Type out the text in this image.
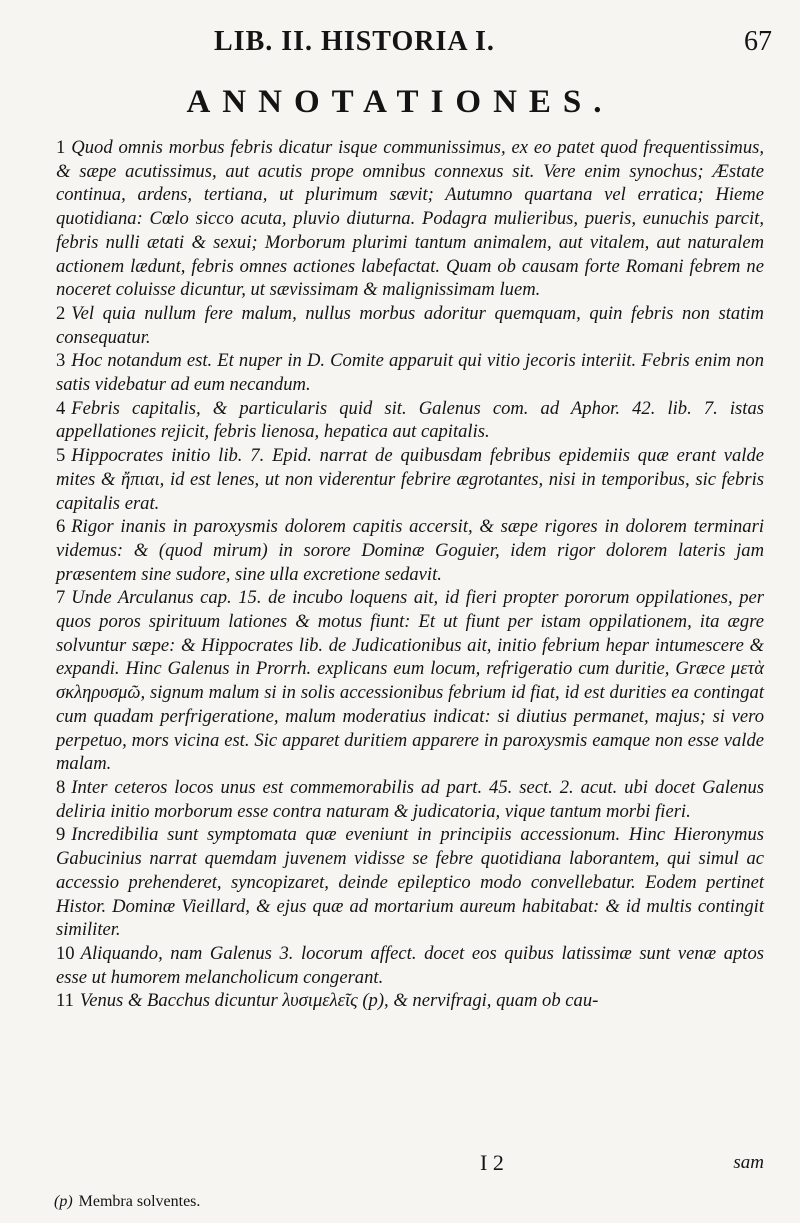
LIB. II. HISTORIA I.	67
ANNOTATIONES.

1 Quod omnis morbus febris dicatur isque communissimus, ex eo patet quod frequentissimus, & sæpe acutissimus, aut acutis prope omnibus connexus sit. Vere enim synochus; Æstate continua, ardens, tertiana, ut plurimum sævit; Autumno quartana vel erratica; Hieme quotidiana: Cœlo sicco acuta, pluvio diuturna. Podagra mulieribus, pueris, eunuchis parcit, febris nulli ætati & sexui; Morborum plurimi tantum animalem, aut vitalem, aut naturalem actionem lædunt, febris omnes actiones labefactat. Quam ob causam forte Romani febrem ne noceret coluisse dicuntur, ut sævissimam & malignissimam luem.

2 Vel quia nullum fere malum, nullus morbus adoritur quemquam, quin febris non statim consequatur.

3 Hoc notandum est. Et nuper in D. Comite apparuit qui vitio jecoris interiit. Febris enim non satis videbatur ad eum necandum.

4 Febris capitalis, & particularis quid sit. Galenus com. ad Aphor. 42. lib. 7. istas appellationes rejicit, febris lienosa, hepatica aut capitalis.

5 Hippocrates initio lib. 7. Epid. narrat de quibusdam febribus epidemiis quæ erant valde mites & ἤπιαι, id est lenes, ut non viderentur febrire ægrotantes, nisi in temporibus, sic febris capitalis erat.

6 Rigor inanis in paroxysmis dolorem capitis accersit, & sæpe rigores in dolorem terminari videmus: & (quod mirum) in sorore Dominæ Goguier, idem rigor dolorem lateris jam præsentem sine sudore, sine ulla excretione sedavit.

7 Unde Arculanus cap. 15. de incubo loquens ait, id fieri propter pororum oppilationes, per quos poros spirituum lationes & motus fiunt: Et ut fiunt per istam oppilationem, ita ægre solvuntur sæpe: & Hippocrates lib. de Judicationibus ait, initio febrium hepar intumescere & expandi. Hinc Galenus in Prorrh. explicans eum locum, refrigeratio cum duritie, Græce μετὰ σκληρυσμῶ, signum malum si in solis accessionibus febrium id fiat, id est durities ea contingat cum quadam perfrigeratione, malum moderatius indicat: si diutius permanet, majus; si vero perpetuo, mors vicina est. Sic apparet duritiem apparere in paroxysmis eamque non esse valde malam.

8 Inter ceteros locos unus est commemorabilis ad part. 45. sect. 2. acut. ubi docet Galenus deliria initio morborum esse contra naturam & judicatoria, vique tantum morbi fieri.

9 Incredibilia sunt symptomata quæ eveniunt in principiis accessionum. Hinc Hieronymus Gabucinius narrat quemdam juvenem vidisse se febre quotidiana laborantem, qui simul ac accessio prehenderet, syncopizaret, deinde epileptico modo convellebatur. Eodem pertinet Histor. Dominæ Vieillard, & ejus quæ ad mortarium aureum habitabat: & id multis contingit similiter.

10 Aliquando, nam Galenus 3. locorum affect. docet eos quibus latissimæ sunt venæ aptos esse ut humorem melancholicum congerant.

11 Venus & Bacchus dicuntur λυσιμελεῖς (p), & nervifragi, quam ob cau-

I 2	sam
(p) Membra solventes.
